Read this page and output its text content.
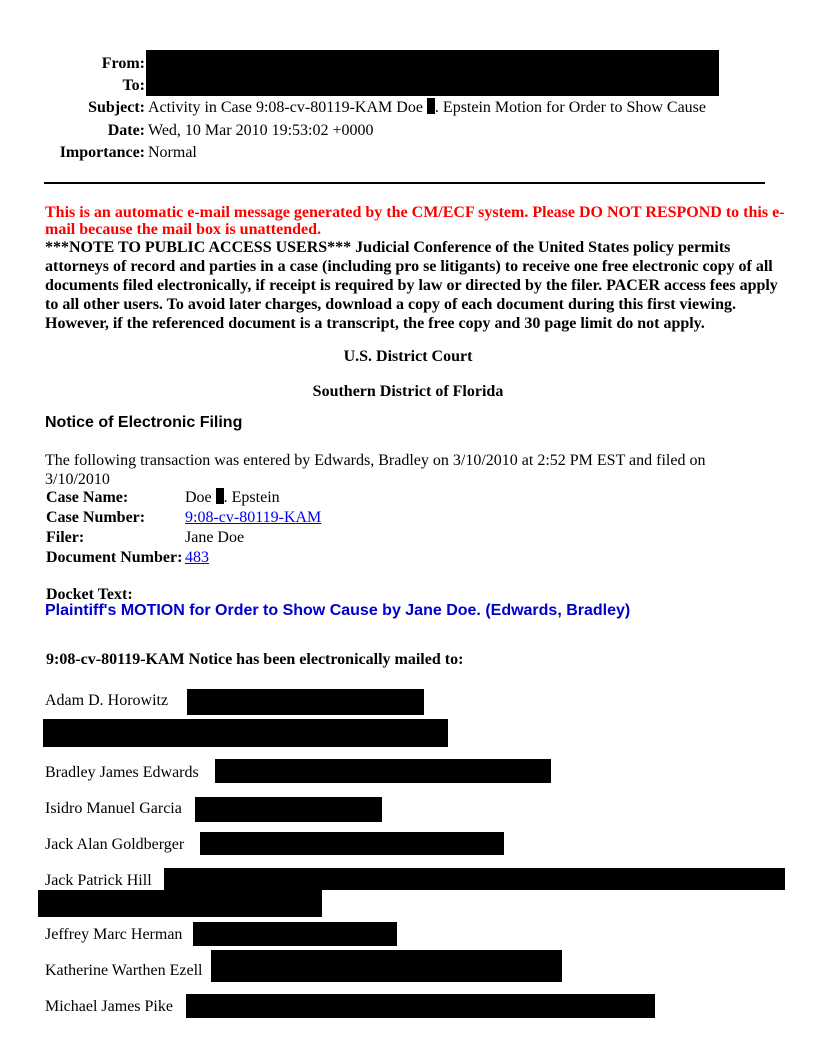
From:
To:
Subject: Activity in Case 9:08-cv-80119-KAM Doe . Epstein Motion for Order to Show Cause
Date: Wed, 10 Mar 2010 19:53:02 +0000
Importance: Normal
This is an automatic e-mail message generated by the CM/ECF system. Please DO NOT RESPOND to this e-mail because the mail box is unattended.
***NOTE TO PUBLIC ACCESS USERS*** Judicial Conference of the United States policy permits attorneys of record and parties in a case (including pro se litigants) to receive one free electronic copy of all documents filed electronically, if receipt is required by law or directed by the filer. PACER access fees apply to all other users. To avoid later charges, download a copy of each document during this first viewing. However, if the referenced document is a transcript, the free copy and 30 page limit do not apply.
U.S. District Court
Southern District of Florida
Notice of Electronic Filing
The following transaction was entered by Edwards, Bradley on 3/10/2010 at 2:52 PM EST and filed on 3/10/2010
Case Name:	Doe . Epstein
Case Number: 9:08-cv-80119-KAM
Filer:	Jane Doe
Document Number: 483
Docket Text:
Plaintiff's MOTION for Order to Show Cause by Jane Doe. (Edwards, Bradley)
9:08-cv-80119-KAM Notice has been electronically mailed to:
Adam D. Horowitz
Bradley James Edwards
Isidro Manuel Garcia
Jack Alan Goldberger
Jack Patrick Hill
Jeffrey Marc Herman
Katherine Warthen Ezell
Michael James Pike
